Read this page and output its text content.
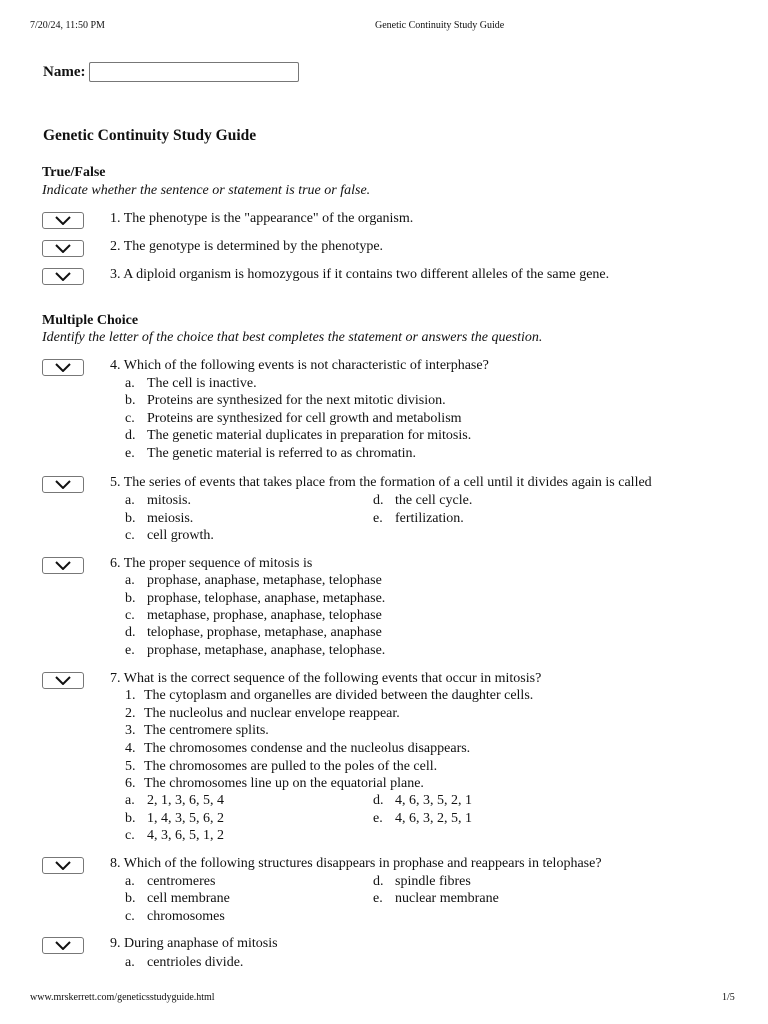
7/20/24, 11:50 PM	Genetic Continuity Study Guide
Name:
Genetic Continuity Study Guide
True/False
Indicate whether the sentence or statement is true or false.
1. The phenotype is the "appearance" of the organism.
2. The genotype is determined by the phenotype.
3. A diploid organism is homozygous if it contains two different alleles of the same gene.
Multiple Choice
Identify the letter of the choice that best completes the statement or answers the question.
4. Which of the following events is not characteristic of interphase?
a. The cell is inactive.
b. Proteins are synthesized for the next mitotic division.
c. Proteins are synthesized for cell growth and metabolism
d. The genetic material duplicates in preparation for mitosis.
e. The genetic material is referred to as chromatin.
5. The series of events that takes place from the formation of a cell until it divides again is called
a. mitosis.
b. meiosis.
c. cell growth.
d. the cell cycle.
e. fertilization.
6. The proper sequence of mitosis is
a. prophase, anaphase, metaphase, telophase
b. prophase, telophase, anaphase, metaphase.
c. metaphase, prophase, anaphase, telophase
d. telophase, prophase, metaphase, anaphase
e. prophase, metaphase, anaphase, telophase.
7. What is the correct sequence of the following events that occur in mitosis?
1. The cytoplasm and organelles are divided between the daughter cells.
2. The nucleolus and nuclear envelope reappear.
3. The centromere splits.
4. The chromosomes condense and the nucleolus disappears.
5. The chromosomes are pulled to the poles of the cell.
6. The chromosomes line up on the equatorial plane.
a. 2, 1, 3, 6, 5, 4
b. 1, 4, 3, 5, 6, 2
c. 4, 3, 6, 5, 1, 2
d. 4, 6, 3, 5, 2, 1
e. 4, 6, 3, 2, 5, 1
8. Which of the following structures disappears in prophase and reappears in telophase?
a. centromeres
b. cell membrane
c. chromosomes
d. spindle fibres
e. nuclear membrane
9. During anaphase of mitosis
a. centrioles divide.
www.mrskerrett.com/geneticsstudyguide.html	1/5
